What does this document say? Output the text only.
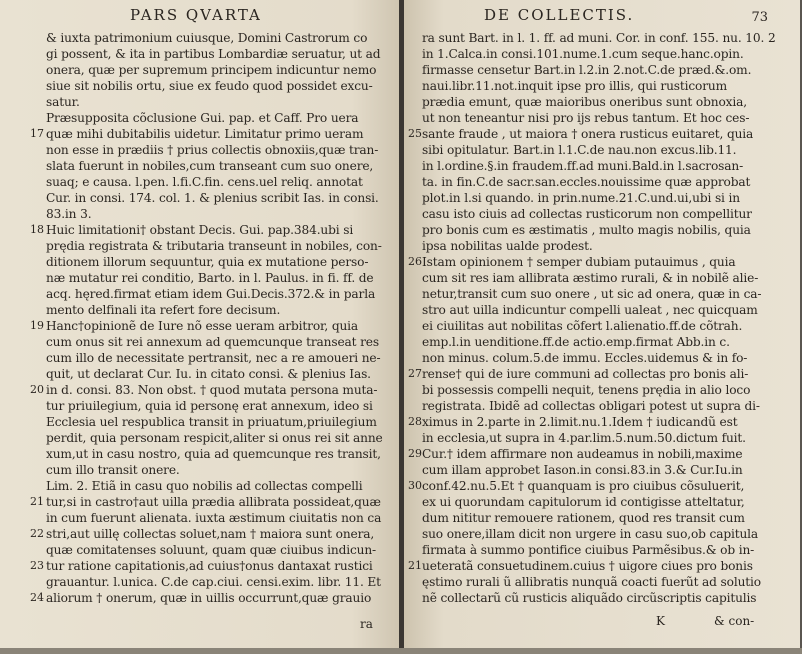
PARS QVARTA
& iuxta patrimonium cuiusque, Domini Castrorum co
gi possent, & ita in partibus Lombardiæ seruatur, ut ad
onera, quæ per supremum principem indicuntur nemo
siue sit nobilis ortu, siue ex feudo quod possidet excu-
satur.
Præsupposita cõclusione Gui. pap. et Caff. Pro uera
quæ mihi dubitabilis uidetur. Limitatur primo ueram
17
non esse in prædiis † prius collectis obnoxiis,quæ tran-
slata fuerunt in nobiles,cum transeant cum suo onere,
suaq; e causa. l.pen. l.fi.C.fin. cens.uel reliq. annotat
Cur. in consi. 174. col. 1. & plenius scribit Ias. in consi.
83.in 3.
Huic limitationi† obstant Decis. Gui. pap.384.ubi si
18
prędia registrata & tributaria transeunt in nobiles, con-
ditionem illorum sequuntur, quia ex mutatione perso-
næ mutatur rei conditio, Barto. in l. Paulus. in fi. ff. de
acq. hęred.firmat etiam idem Gui.Decis.372.& in parla
mento delfinali ita refert fore decisum.
Hanc†opinionẽ de Iure nõ esse ueram arbitror, quia
19
cum onus sit rei annexum ad quemcunque transeat res
cum illo de necessitate pertransit, nec a re amoueri ne-
quit, ut declarat Cur. Iu. in citato consi. & plenius Ias.
in d. consi. 83. Non obst. † quod mutata persona muta-
20
tur priuilegium, quia id personę erat annexum, ideo si
Ecclesia uel respublica transit in priuatum,priuilegium
perdit, quia personam respicit,aliter si onus rei sit anne
xum,ut in casu nostro, quia ad quemcunque res transit,
cum illo transit onere.
Lim. 2. Etiã in casu quo nobilis ad collectas compelli
tur,si in castro†aut uilla prædia allibrata possideat,quæ
21
in cum fuerunt alienata. iuxta æstimum ciuitatis non ca
stri,aut uillę collectas soluet,nam † maiora sunt onera,
22
quæ comitatenses soluunt, quam quæ ciuibus indicun-
tur ratione capitationis,ad cuius†onus dantaxat rustici
23
grauantur. l.unica. C.de cap.ciui. censi.exim. libr. 11. Et
aliorum † onerum, quæ in uillis occurrunt,quæ grauio
24
ra
DE COLLECTIS.	73
ra sunt Bart. in l. 1. ff. ad muni. Cor. in conf. 155. nu. 10. 2
in 1.Calca.in consi.101.nume.1.cum seque.hanc.opin.
firmasse censetur Bart.in l.2.in 2.not.C.de præd.&.om.
naui.libr.11.not.inquit ipse pro illis, qui rusticorum
prædia emunt, quæ maioribus oneribus sunt obnoxia,
ut non teneantur nisi pro ijs rebus tantum. Et hoc ces-
sante fraude , ut maiora † onera rusticus euitaret, quia
25
sibi opitulatur. Bart.in l.1.C.de nau.non excus.lib.11.
in l.ordine.§.in fraudem.ff.ad muni.Bald.in l.sacrosan-
ta. in fin.C.de sacr.san.eccles.nouissime quæ approbat
plot.in l.si quando. in prin.nume.21.C.und.ui,ubi si in
casu isto ciuis ad collectas rusticorum non compellitur
pro bonis cum es æstimatis , multo magis nobilis, quia
ipsa nobilitas ualde prodest.
Istam opinionem † semper dubiam putauimus , quia
26
cum sit res iam allibrata æstimo rurali, & in nobilẽ alie-
netur,transit cum suo onere , ut sic ad onera, quæ in ca-
stro aut uilla indicuntur compelli ualeat , nec quicquam
ei ciuilitas aut nobilitas cõfert l.alienatio.ff.de cõtrah.
emp.l.in uenditione.ff.de actio.emp.firmat Abb.in c.
non minus. colum.5.de immu. Eccles.uidemus & in fo-
rense† qui de iure communi ad collectas pro bonis ali-
27
bi possessis compelli nequit, tenens prędia in alio loco
registrata. Ibidẽ ad collectas obligari potest ut supra di-
ximus in 2.parte in 2.limit.nu.1.Idem † iudicandũ est
28
in ecclesia,ut supra in 4.par.lim.5.num.50.dictum fuit.
Cur.† idem affirmare non audeamus in nobili,maxime
29
cum illam approbet Iason.in consi.83.in 3.& Cur.Iu.in
conf.42.nu.5.Et † quanquam is pro ciuibus cõsuluerit,
30
ex ui quorundam capitulorum id contigisse atteltatur,
dum nititur remouere rationem, quod res transit cum
suo onere,illam dicit non urgere in casu suo,ob capitula
firmata à summo pontifice ciuibus Parmẽsibus.& ob in-
ueteratã consuetudinem.cuius † uigore ciues pro bonis
21
ęstimo rurali ũ allibratis nunquã coacti fuerũt ad solutio
nẽ collectarũ cũ rusticis aliquãdo circũscriptis capitulis
K	& con-
